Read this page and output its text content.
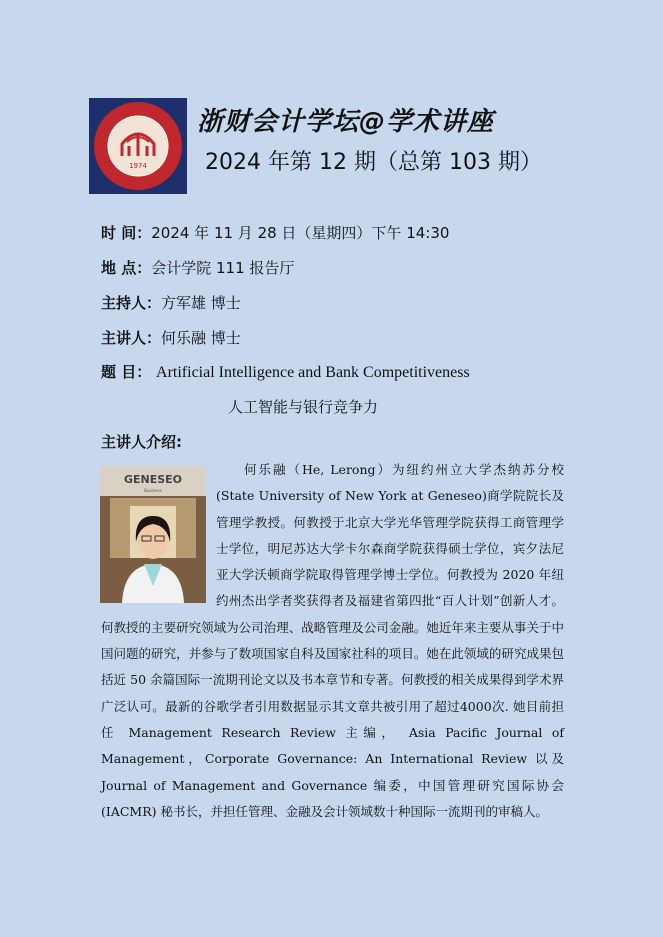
1974
浙财会计学坛@学术讲座
2024 年第 12 期（总第 103 期）
时 间：2024 年 11 月 28 日（星期四）下午 14:30
地 点：会计学院 111 报告厅
主持人：方军雄 博士
主讲人：何乐融 博士
题 目： Artificial Intelligence and Bank Competitiveness
人工智能与银行竞争力
主讲人介绍:
GENESEO
Business

何乐融（He, Lerong）为纽约州立大学杰纳苏分校 (State University of New York at Geneseo)商学院院长及管理学教授。何教授于北京大学光华管理学院获得工商管理学士学位，明尼苏达大学卡尔森商学院获得硕士学位，宾夕法尼亚大学沃顿商学院取得管理学博士学位。何教授为 2020 年纽约州杰出学者奖获得者及福建省第四批“百人计划”创新人才。何教授的主要研究领域为公司治理、战略管理及公司金融。她近年来主要从事关于中国问题的研究，并参与了数项国家自科及国家社科的项目。她在此领域的研究成果包括近 50 余篇国际一流期刊论文以及书本章节和专著。何教授的相关成果得到学术界广泛认可。最新的谷歌学者引用数据显示其文章共被引用了超过4000次. 她目前担任 Management Research Review 主编， Asia Pacific Journal of Management，Corporate Governance: An International Review 以及 Journal of Management and Governance 编委，中国管理研究国际协会(IACMR) 秘书长，并担任管理、金融及会计领域数十种国际一流期刊的审稿人。
